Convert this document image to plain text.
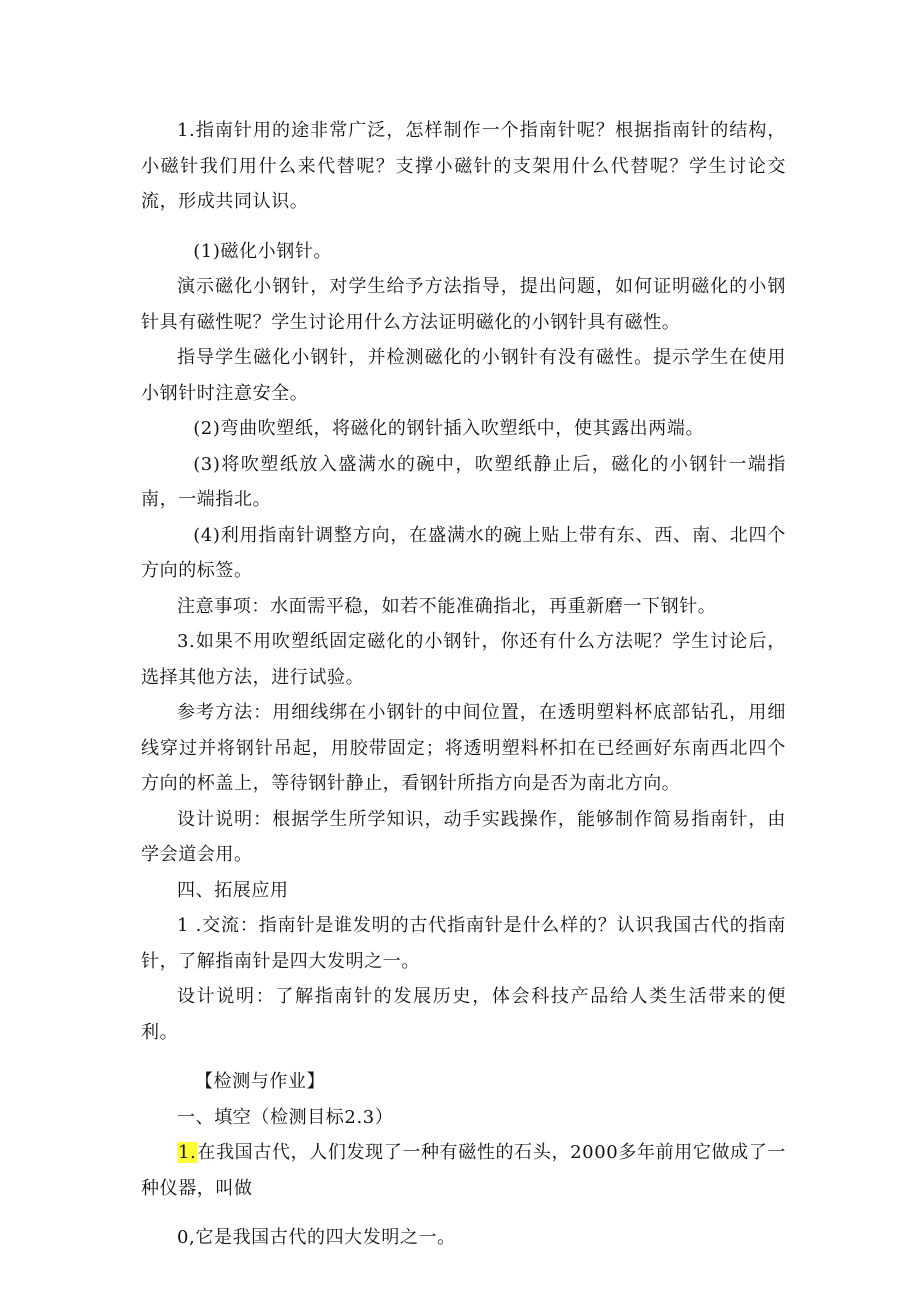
1.指南针用的途非常广泛，怎样制作一个指南针呢？根据指南针的结构，小磁针我们用什么来代替呢？支撑小磁针的支架用什么代替呢？学生讨论交流，形成共同认识。

(1)磁化小钢针。

演示磁化小钢针，对学生给予方法指导，提出问题，如何证明磁化的小钢针具有磁性呢？学生讨论用什么方法证明磁化的小钢针具有磁性。

指导学生磁化小钢针，并检测磁化的小钢针有没有磁性。提示学生在使用小钢针时注意安全。

(2)弯曲吹塑纸，将磁化的钢针插入吹塑纸中，使其露出两端。

(3)将吹塑纸放入盛满水的碗中，吹塑纸静止后，磁化的小钢针一端指南，一端指北。

(4)利用指南针调整方向，在盛满水的碗上贴上带有东、西、南、北四个方向的标签。

注意事项：水面需平稳，如若不能准确指北，再重新磨一下钢针。

3.如果不用吹塑纸固定磁化的小钢针，你还有什么方法呢？学生讨论后，选择其他方法，进行试验。

参考方法：用细线绑在小钢针的中间位置，在透明塑料杯底部钻孔，用细线穿过并将钢针吊起，用胶带固定；将透明塑料杯扣在已经画好东南西北四个方向的杯盖上，等待钢针静止，看钢针所指方向是否为南北方向。

设计说明：根据学生所学知识，动手实践操作，能够制作简易指南针，由学会道会用。

四、拓展应用

1 .交流：指南针是谁发明的古代指南针是什么样的？认识我国古代的指南针，了解指南针是四大发明之一。

设计说明：了解指南针的发展历史，体会科技产品给人类生活带来的便利。

【检测与作业】

一、填空（检测目标2.3）

1.在我国古代，人们发现了一种有磁性的石头，2000多年前用它做成了一种仪器，叫做

0,它是我国古代的四大发明之一。
